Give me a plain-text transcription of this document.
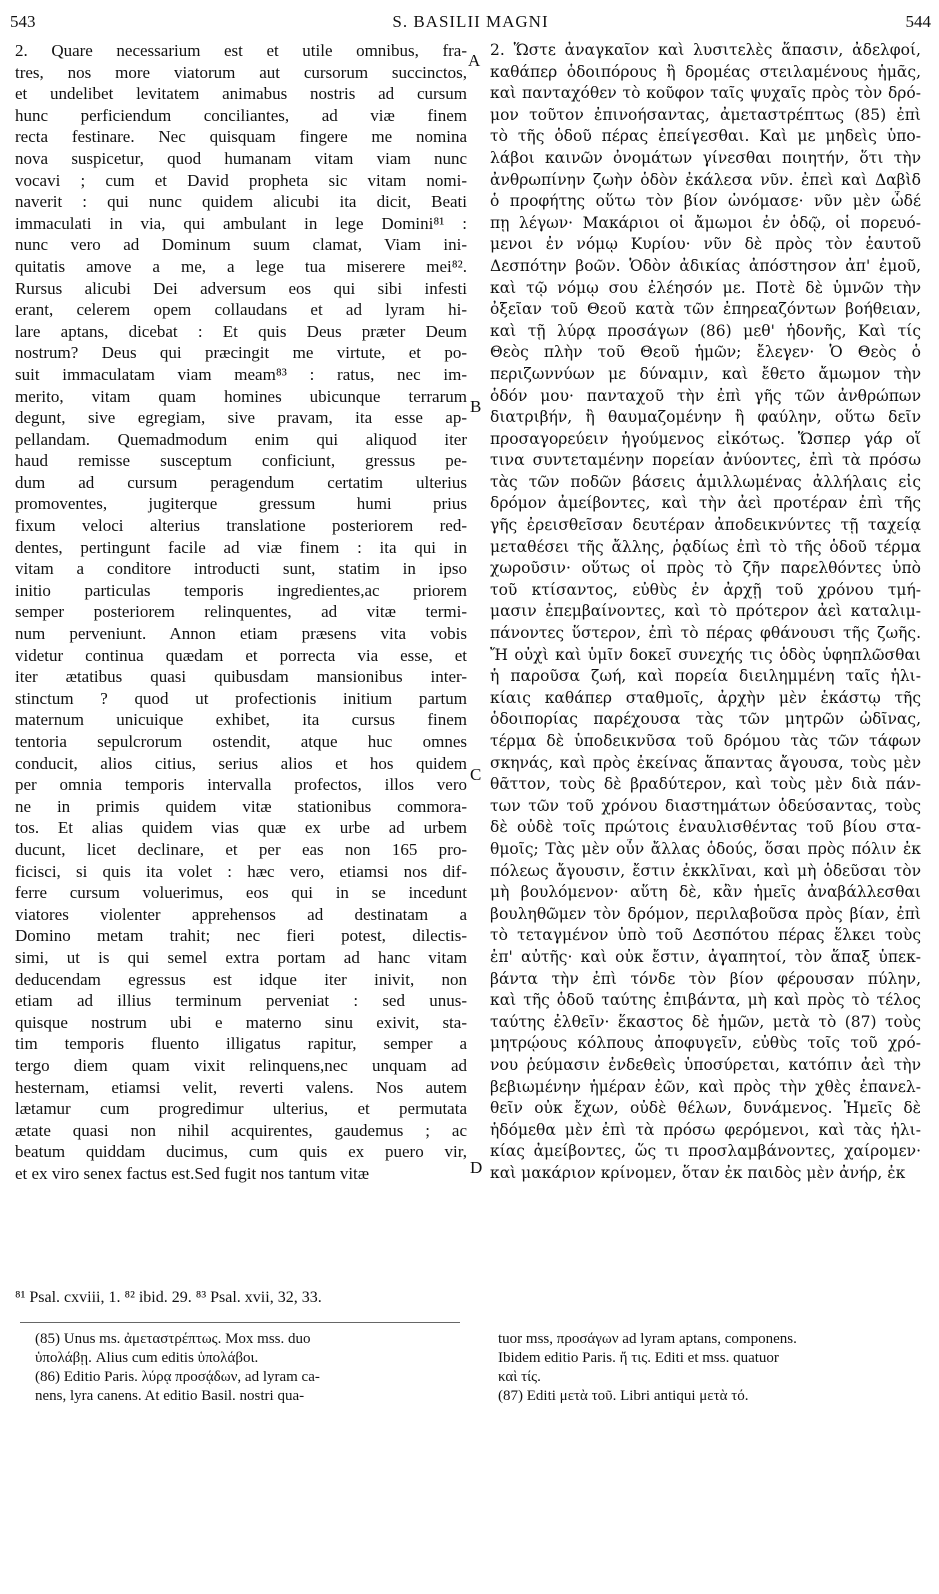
543	S. BASILII MAGNI	544
2. Quare necessarium est et utile omnibus, fra-
tres, nos more viatorum aut cursorum succinctos,
et undelibet levitatem animabus nostris ad cursum
hunc perficiendum conciliantes, ad viæ finem
recta festinare. Nec quisquam fingere me nomina
nova suspicetur, quod humanam vitam viam nunc
vocavi ; cum et David propheta sic vitam nomi-
naverit : qui nunc quidem alicubi ita dicit, Beati
immaculati in via, qui ambulant in lege Domini⁸¹ :
nunc vero ad Dominum suum clamat, Viam ini-
quitatis amove a me, a lege tua miserere mei⁸².
Rursus alicubi Dei adversum eos qui sibi infesti
erant, celerem opem collaudans et ad lyram hi-
lare aptans, dicebat : Et quis Deus præter Deum
nostrum? Deus qui præcingit me virtute, et po-
suit immaculatam viam meam⁸³ : ratus, nec im-
merito, vitam quam homines ubicunque terrarum
degunt, sive egregiam, sive pravam, ita esse ap-
pellandam. Quemadmodum enim qui aliquod iter
haud remisse susceptum conficiunt, gressus pe-
dum ad cursum peragendum certatim ulterius
promoventes, jugiterque gressum humi prius
fixum veloci alterius translatione posteriorem red-
dentes, pertingunt facile ad viæ finem : ita qui in
vitam a conditore introducti sunt, statim in ipso
initio particulas temporis ingredientes,ac priorem
semper posteriorem relinquentes, ad vitæ termi-
num perveniunt. Annon etiam præsens vita vobis
videtur continua quædam et porrecta via esse, et
iter ætatibus quasi quibusdam mansionibus inter-
stinctum ? quod ut profectionis initium partum
maternum unicuique exhibet, ita cursus finem
tentoria sepulcrorum ostendit, atque huc omnes
conducit, alios citius, serius alios et hos quidem
per omnia temporis intervalla profectos, illos vero
ne in primis quidem vitæ stationibus commora-
tos. Et alias quidem vias quæ ex urbe ad urbem
ducunt, licet declinare, et per eas non 165 pro-
ficisci, si quis ita volet : hæc vero, etiamsi nos dif-
ferre cursum voluerimus, eos qui in se incedunt
viatores violenter apprehensos ad destinatam a
Domino metam trahit; nec fieri potest, dilectis-
simi, ut is qui semel extra portam ad hanc vitam
deducendam egressus est idque iter inivit, non
etiam ad illius terminum perveniat : sed unus-
quisque nostrum ubi e materno sinu exivit, sta-
tim temporis fluento illigatus rapitur, semper a
tergo diem quam vixit relinquens,nec unquam ad
hesternam, etiamsi velit, reverti valens. Nos autem
lætamur cum progredimur ulterius, et permutata
ætate quasi non nihil acquirentes, gaudemus ; ac
beatum quiddam ducimus, cum quis ex puero vir,
et ex viro senex factus est.Sed fugit nos tantum vitæ
A
B
C
D
2. Ὥστε ἀναγκαῖον καὶ λυσιτελὲς ἅπασιν, ἀδελφοί,
καθάπερ ὁδοιπόρους ἢ δρομέας στειλαμένους ἡμᾶς,
καὶ πανταχόθεν τὸ κοῦφον ταῖς ψυχαῖς πρὸς τὸν δρό-
μον τοῦτον ἐπινοήσαντας, ἀμεταστρέπτως (85) ἐπὶ
τὸ τῆς ὁδοῦ πέρας ἐπείγεσθαι. Καὶ με μηδεὶς ὑπο-
λάβοι καινῶν ὀνομάτων γίνεσθαι ποιητήν, ὅτι τὴν
ἀνθρωπίνην ζωὴν ὁδὸν ἐκάλεσα νῦν. ἐπεὶ καὶ Δαβὶδ
ὁ προφήτης οὕτω τὸν βίον ὠνόμασε· νῦν μὲν ὧδέ
πῃ λέγων· Μακάριοι οἱ ἄμωμοι ἐν ὁδῷ, οἱ πορευό-
μενοι ἐν νόμῳ Κυρίου· νῦν δὲ πρὸς τὸν ἑαυτοῦ
Δεσπότην βοῶν. Ὁδὸν ἀδικίας ἀπόστησον ἀπ' ἐμοῦ,
καὶ τῷ νόμῳ σου ἐλέησόν με. Ποτὲ δὲ ὑμνῶν τὴν
ὀξεῖαν τοῦ Θεοῦ κατὰ τῶν ἐπηρεαζόντων βοήθειαν,
καὶ τῇ λύρᾳ προσάγων (86) μεθ' ἡδονῆς, Καὶ τίς
Θεὸς πλὴν τοῦ Θεοῦ ἡμῶν; ἔλεγεν· Ὁ Θεὸς ὁ
περιζωννύων με δύναμιν, καὶ ἔθετο ἄμωμον τὴν
ὁδόν μου· πανταχοῦ τὴν ἐπὶ γῆς τῶν ἀνθρώπων
διατριβήν, ἢ θαυμαζομένην ἢ φαύλην, οὕτω δεῖν
προσαγορεύειν ἡγούμενος εἰκότως. Ὥσπερ γάρ οἵ
τινα συντεταμένην πορείαν ἀνύοντες, ἐπὶ τὰ πρόσω
τὰς τῶν ποδῶν βάσεις ἁμιλλωμένας ἀλλήλαις εἰς
δρόμον ἀμείβοντες, καὶ τὴν ἀεὶ προτέραν ἐπὶ τῆς
γῆς ἐρεισθεῖσαν δευτέραν ἀποδεικνύντες τῇ ταχείᾳ
μεταθέσει τῆς ἄλλης, ῥᾳδίως ἐπὶ τὸ τῆς ὁδοῦ τέρμα
χωροῦσιν· οὕτως οἱ πρὸς τὸ ζῆν παρελθόντες ὑπὸ
τοῦ κτίσαντος, εὐθὺς ἐν ἀρχῇ τοῦ χρόνου τμή-
μασιν ἐπεμβαίνοντες, καὶ τὸ πρότερον ἀεὶ καταλιμ-
πάνοντες ὕστερον, ἐπὶ τὸ πέρας φθάνουσι τῆς ζωῆς.
Ἤ οὐχὶ καὶ ὑμῖν δοκεῖ συνεχής τις ὁδὸς ὑφηπλῶσθαι
ἡ παροῦσα ζωή, καὶ πορεία διειλημμένη ταῖς ἡλι-
κίαις καθάπερ σταθμοῖς, ἀρχὴν μὲν ἑκάστῳ τῆς
ὁδοιπορίας παρέχουσα τὰς τῶν μητρῶν ὠδῖνας,
τέρμα δὲ ὑποδεικνῦσα τοῦ δρόμου τὰς τῶν τάφων
σκηνάς, καὶ πρὸς ἐκείνας ἅπαντας ἄγουσα, τοὺς μὲν
θᾶττον, τοὺς δὲ βραδύτερον, καὶ τοὺς μὲν διὰ πάν-
των τῶν τοῦ χρόνου διαστημάτων ὁδεύσαντας, τοὺς
δὲ οὐδὲ τοῖς πρώτοις ἐναυλισθέντας τοῦ βίου στα-
θμοῖς; Τὰς μὲν οὖν ἄλλας ὁδούς, ὅσαι πρὸς πόλιν ἐκ
πόλεως ἄγουσιν, ἔστιν ἐκκλῖναι, καὶ μὴ ὁδεῦσαι τὸν
μὴ βουλόμενον· αὕτη δὲ, κἂν ἡμεῖς ἀναβάλλεσθαι
βουληθῶμεν τὸν δρόμον, περιλαβοῦσα πρὸς βίαν, ἐπὶ
τὸ τεταγμένον ὑπὸ τοῦ Δεσπότου πέρας ἕλκει τοὺς
ἐπ' αὐτῆς· καὶ οὐκ ἔστιν, ἀγαπητοί, τὸν ἅπαξ ὑπεκ-
βάντα τὴν ἐπὶ τόνδε τὸν βίον φέρουσαν πύλην,
καὶ τῆς ὁδοῦ ταύτης ἐπιβάντα, μὴ καὶ πρὸς τὸ τέλος
ταύτης ἐλθεῖν· ἕκαστος δὲ ἡμῶν, μετὰ τὸ (87) τοὺς
μητρῴους κόλπους ἀποφυγεῖν, εὐθὺς τοῖς τοῦ χρό-
νου ῥεύμασιν ἐνδεθεὶς ὑποσύρεται, κατόπιν ἀεὶ τὴν
βεβιωμένην ἡμέραν ἐῶν, καὶ πρὸς τὴν χθὲς ἐπανελ-
θεῖν οὐκ ἔχων, οὐδὲ θέλων, δυνάμενος. Ἡμεῖς δὲ
ἡδόμεθα μὲν ἐπὶ τὰ πρόσω φερόμενοι, καὶ τὰς ἡλι-
κίας ἀμείβοντες, ὥς τι προσλαμβάνοντες, χαίρομεν·
καὶ μακάριον κρίνομεν, ὅταν ἐκ παιδὸς μὲν ἀνήρ, ἐκ
⁸¹ Psal. cxviii, 1. ⁸² ibid. 29. ⁸³ Psal. xvii, 32, 33.
(85) Unus ms. ἀμεταστρέπτως. Mox mss. duo
ὑπολάβῃ. Alius cum editis ὑπολάβοι.
(86) Editio Paris. λύρᾳ προσᾴδων, ad lyram ca-
nens, lyra canens. At editio Basil. nostri qua-
tuor mss, προσάγων ad lyram aptans, componens.
Ibidem editio Paris. ἤ τις. Editi et mss. quatuor
καὶ τίς.
(87) Editi μετὰ τοῦ. Libri antiqui μετὰ τό.
